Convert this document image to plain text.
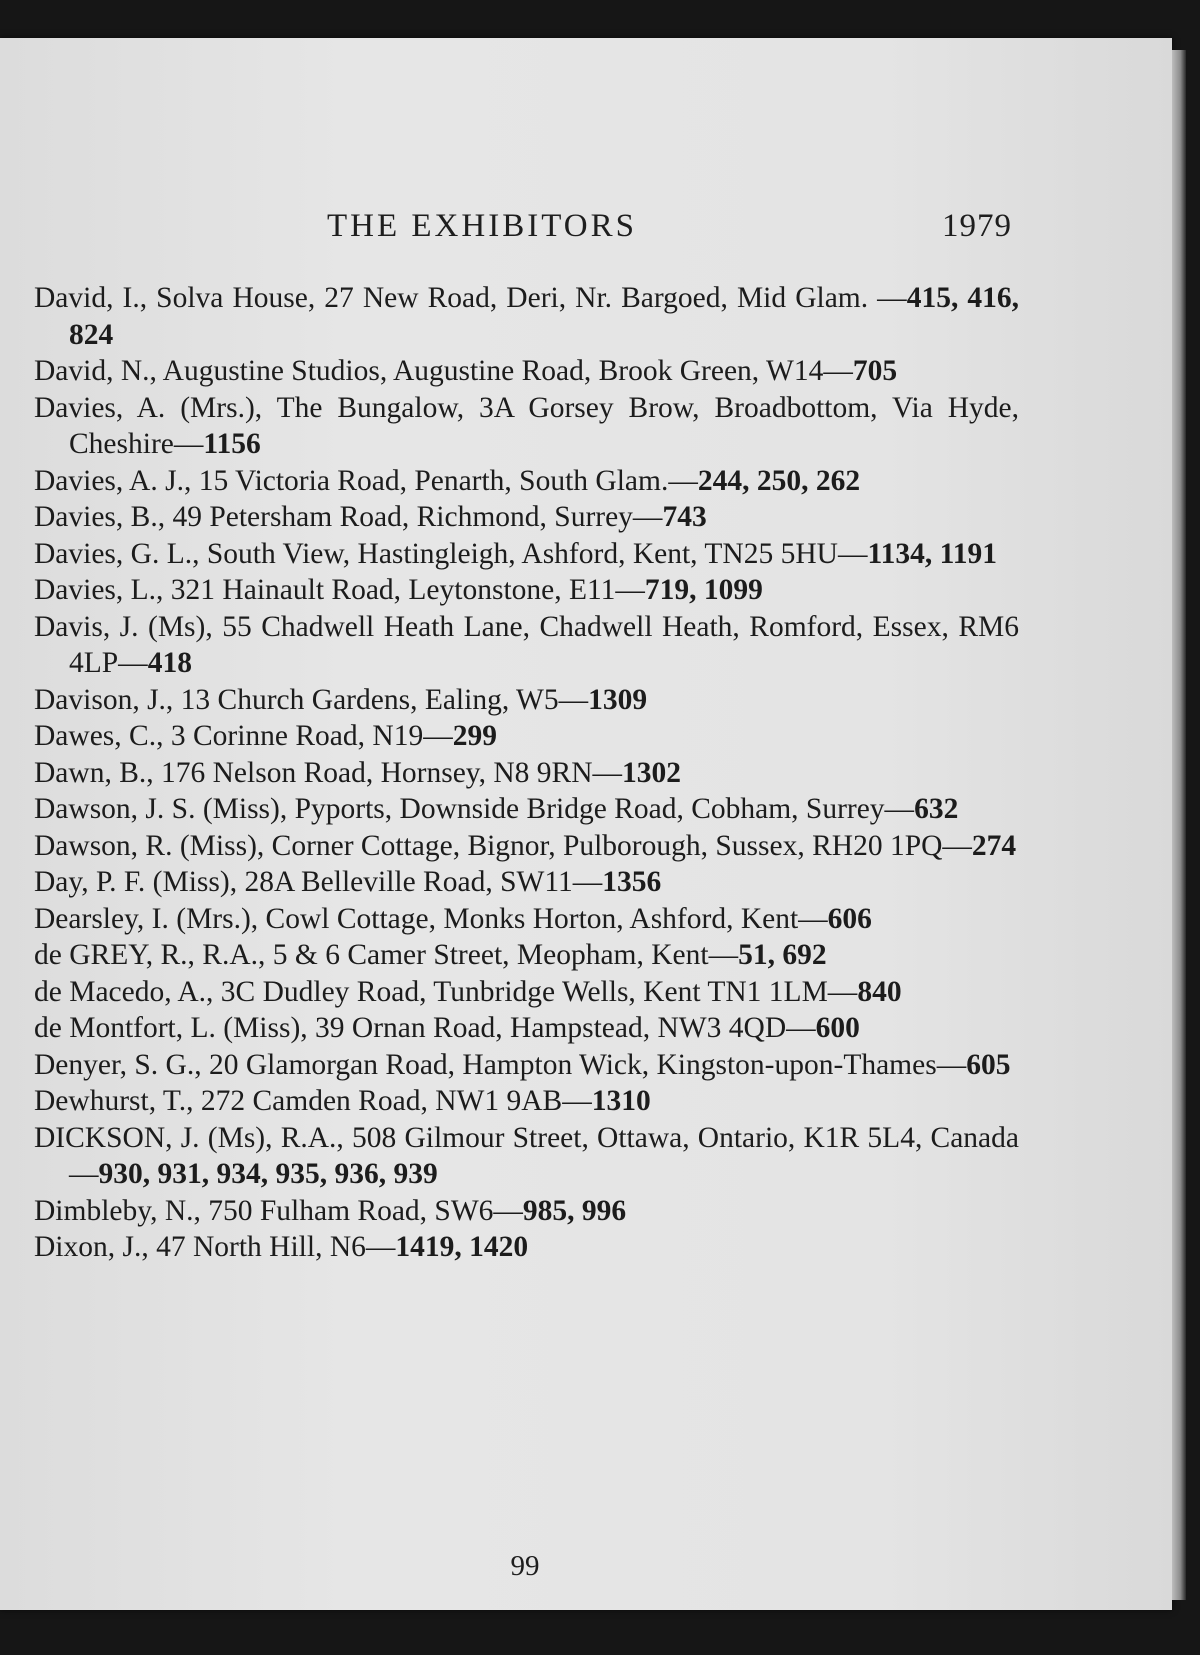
THE EXHIBITORS	1979

David, I., Solva House, 27 New Road, Deri, Nr. Bargoed, Mid Glam. —415, 416, 824

David, N., Augustine Studios, Augustine Road, Brook Green, W14—705

Davies, A. (Mrs.), The Bungalow, 3A Gorsey Brow, Broadbottom, Via Hyde, Cheshire—1156

Davies, A. J., 15 Victoria Road, Penarth, South Glam.—244, 250, 262

Davies, B., 49 Petersham Road, Richmond, Surrey—743

Davies, G. L., South View, Hastingleigh, Ashford, Kent, TN25 5HU—1134, 1191

Davies, L., 321 Hainault Road, Leytonstone, E11—719, 1099

Davis, J. (Ms), 55 Chadwell Heath Lane, Chadwell Heath, Romford, Essex, RM6 4LP—418

Davison, J., 13 Church Gardens, Ealing, W5—1309

Dawes, C., 3 Corinne Road, N19—299

Dawn, B., 176 Nelson Road, Hornsey, N8 9RN—1302

Dawson, J. S. (Miss), Pyports, Downside Bridge Road, Cobham, Surrey—632

Dawson, R. (Miss), Corner Cottage, Bignor, Pulborough, Sussex, RH20 1PQ—274

Day, P. F. (Miss), 28A Belleville Road, SW11—1356

Dearsley, I. (Mrs.), Cowl Cottage, Monks Horton, Ashford, Kent—606

de GREY, R., R.A., 5 & 6 Camer Street, Meopham, Kent—51, 692

de Macedo, A., 3C Dudley Road, Tunbridge Wells, Kent TN1 1LM—840

de Montfort, L. (Miss), 39 Ornan Road, Hampstead, NW3 4QD—600

Denyer, S. G., 20 Glamorgan Road, Hampton Wick, Kingston-upon-Thames—605

Dewhurst, T., 272 Camden Road, NW1 9AB—1310

DICKSON, J. (Ms), R.A., 508 Gilmour Street, Ottawa, Ontario, K1R 5L4, Canada—930, 931, 934, 935, 936, 939

Dimbleby, N., 750 Fulham Road, SW6—985, 996

Dixon, J., 47 North Hill, N6—1419, 1420

99
